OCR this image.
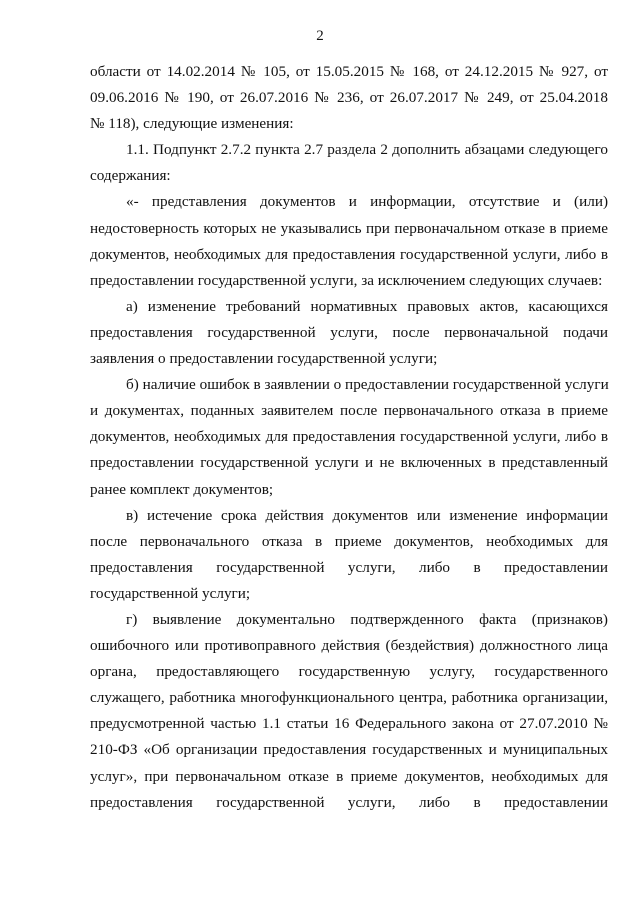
2
области от 14.02.2014 № 105, от 15.05.2015 № 168, от 24.12.2015 № 927, от
09.06.2016 № 190, от 26.07.2016 № 236, от 26.07.2017 № 249, от 25.04.2018
№ 118), следующие изменения:
1.1. Подпункт 2.7.2 пункта 2.7 раздела 2 дополнить абзацами следующего
содержания:
«- представления документов и информации, отсутствие и (или)
недостоверность которых не указывались при первоначальном отказе в приеме
документов, необходимых для предоставления государственной услуги, либо в
предоставлении государственной услуги, за исключением следующих случаев:
а) изменение требований нормативных правовых актов, касающихся
предоставления государственной услуги, после первоначальной подачи
заявления о предоставлении государственной услуги;
б) наличие ошибок в заявлении о предоставлении государственной услуги
и документах, поданных заявителем после первоначального отказа в приеме
документов, необходимых для предоставления государственной услуги, либо в
предоставлении государственной услуги и не включенных в представленный
ранее комплект документов;
в) истечение срока действия документов или изменение информации
после первоначального отказа в приеме документов, необходимых для
предоставления государственной услуги, либо в предоставлении
государственной услуги;
г) выявление документально подтвержденного факта (признаков)
ошибочного или противоправного действия (бездействия) должностного лица
органа, предоставляющего государственную услугу, государственного
служащего, работника многофункционального центра, работника организации,
предусмотренной частью 1.1 статьи 16 Федерального закона от 27.07.2010 №
210-ФЗ «Об организации предоставления государственных и муниципальных
услуг», при первоначальном отказе в приеме документов, необходимых для
предоставления государственной услуги, либо в предоставлении
